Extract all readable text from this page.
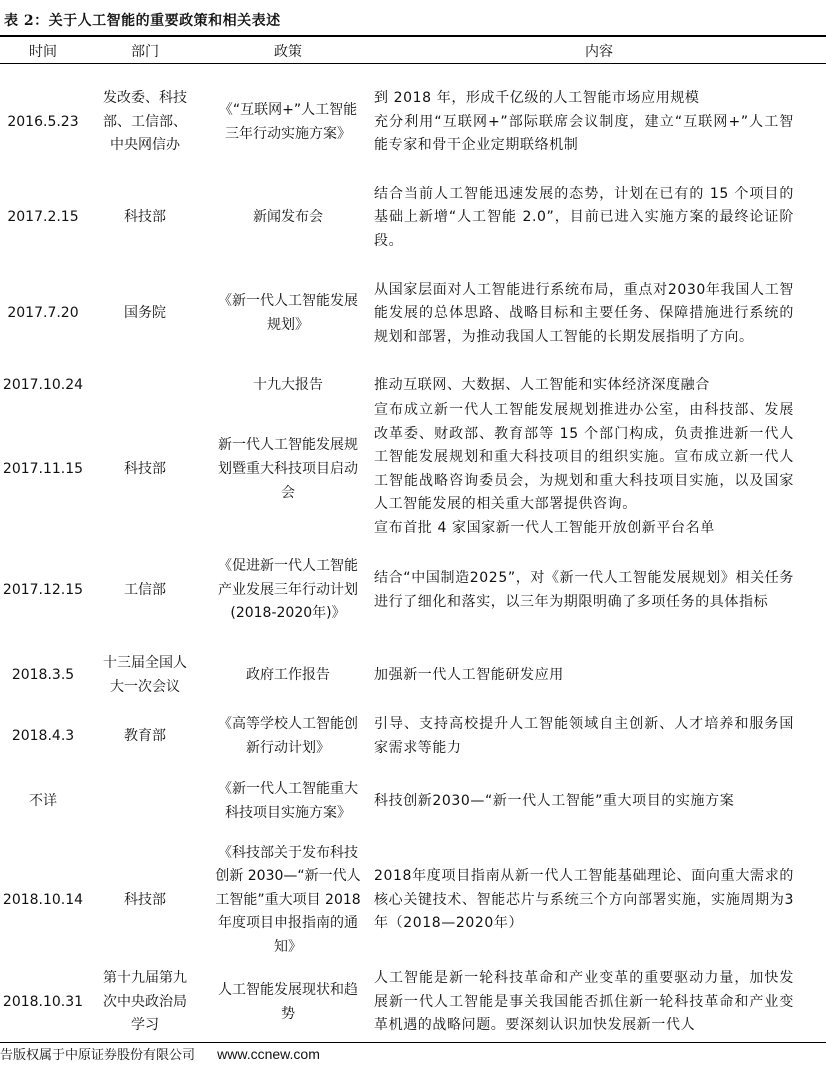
表 2：关于人工智能的重要政策和相关表述
时间	部门	政策	内容
2016.5.23	发改委、科技部、工信部、中央网信办	《“互联网+”人工智能三年行动实施方案》	到 2018 年，形成千亿级的人工智能市场应用规模
充分利用“互联网+”部际联席会议制度，建立“互联网+”人工智能专家和骨干企业定期联络机制

2017.2.15	科技部	新闻发布会	结合当前人工智能迅速发展的态势，计划在已有的 15 个项目的基础上新增“人工智能 2.0”，目前已进入实施方案的最终论证阶段。

2017.7.20	国务院	《新一代人工智能发展规划》	从国家层面对人工智能进行系统布局，重点对2030年我国人工智能发展的总体思路、战略目标和主要任务、保障措施进行系统的规划和部署，为推动我国人工智能的长期发展指明了方向。

2017.10.24		十九大报告	推动互联网、大数据、人工智能和实体经济深度融合

2017.11.15	科技部	新一代人工智能发展规划暨重大科技项目启动会	宣布成立新一代人工智能发展规划推进办公室，由科技部、发展改革委、财政部、教育部等 15 个部门构成，负责推进新一代人工智能发展规划和重大科技项目的组织实施。宣布成立新一代人工智能战略咨询委员会，为规划和重大科技项目实施，以及国家人工智能发展的相关重大部署提供咨询。
宣布首批 4 家国家新一代人工智能开放创新平台名单

2017.12.15	工信部	《促进新一代人工智能产业发展三年行动计划(2018-2020年)》	结合“中国制造2025”，对《新一代人工智能发展规划》相关任务进行了细化和落实，以三年为期限明确了多项任务的具体指标

2018.3.5	十三届全国人大一次会议	政府工作报告	加强新一代人工智能研发应用

2018.4.3	教育部	《高等学校人工智能创新行动计划》	引导、支持高校提升人工智能领域自主创新、人才培养和服务国家需求等能力

不详		《新一代人工智能重大科技项目实施方案》	科技创新2030—“新一代人工智能”重大项目的实施方案

2018.10.14	科技部	《科技部关于发布科技创新 2030—“新一代人工智能”重大项目 2018 年度项目申报指南的通知》	2018年度项目指南从新一代人工智能基础理论、面向重大需求的核心关键技术、智能芯片与系统三个方向部署实施，实施周期为3年（2018—2020年）

2018.10.31	第十九届第九次中央政治局学习	人工智能发展现状和趋势	人工智能是新一轮科技革命和产业变革的重要驱动力量，加快发展新一代人工智能是事关我国能否抓住新一轮科技革命和产业变革机遇的战略问题。要深刻认识加快发展新一代人
告版权属于中原证券股份有限公司 www.ccnew.com
